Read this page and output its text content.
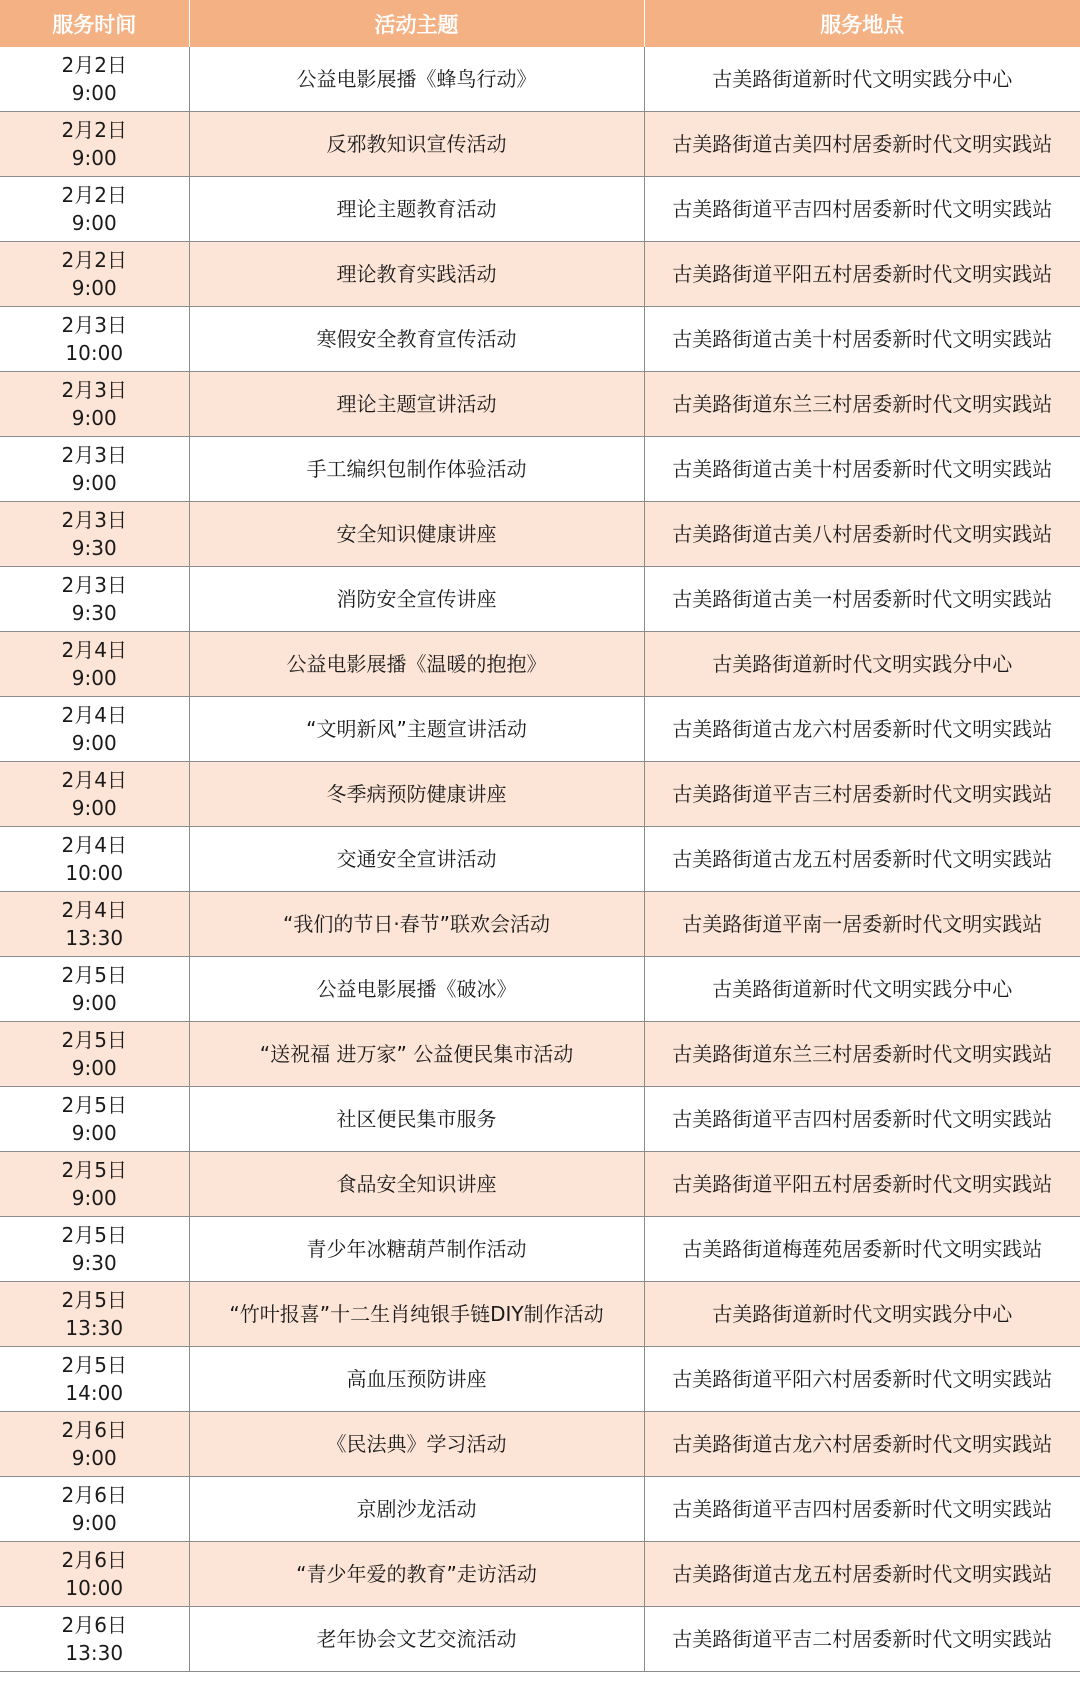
服务时间	活动主题	服务地点

2月2日
9:00	公益电影展播《蜂鸟行动》	古美路街道新时代文明实践分中心

2月2日
9:00	反邪教知识宣传活动	古美路街道古美四村居委新时代文明实践站

2月2日
9:00	理论主题教育活动	古美路街道平吉四村居委新时代文明实践站

2月2日
9:00	理论教育实践活动	古美路街道平阳五村居委新时代文明实践站

2月3日
10:00	寒假安全教育宣传活动	古美路街道古美十村居委新时代文明实践站

2月3日
9:00	理论主题宣讲活动	古美路街道东兰三村居委新时代文明实践站

2月3日
9:00	手工编织包制作体验活动	古美路街道古美十村居委新时代文明实践站

2月3日
9:30	安全知识健康讲座	古美路街道古美八村居委新时代文明实践站

2月3日
9:30	消防安全宣传讲座	古美路街道古美一村居委新时代文明实践站

2月4日
9:00	公益电影展播《温暖的抱抱》	古美路街道新时代文明实践分中心

2月4日
9:00	“文明新风”主题宣讲活动	古美路街道古龙六村居委新时代文明实践站

2月4日
9:00	冬季病预防健康讲座	古美路街道平吉三村居委新时代文明实践站

2月4日
10:00	交通安全宣讲活动	古美路街道古龙五村居委新时代文明实践站

2月4日
13:30	“我们的节日·春节”联欢会活动	古美路街道平南一居委新时代文明实践站

2月5日
9:00	公益电影展播《破冰》	古美路街道新时代文明实践分中心

2月5日
9:00	“送祝福 进万家” 公益便民集市活动	古美路街道东兰三村居委新时代文明实践站

2月5日
9:00	社区便民集市服务	古美路街道平吉四村居委新时代文明实践站

2月5日
9:00	食品安全知识讲座	古美路街道平阳五村居委新时代文明实践站

2月5日
9:30	青少年冰糖葫芦制作活动	古美路街道梅莲苑居委新时代文明实践站

2月5日
13:30	“竹叶报喜”十二生肖纯银手链DIY制作活动	古美路街道新时代文明实践分中心

2月5日
14:00	高血压预防讲座	古美路街道平阳六村居委新时代文明实践站

2月6日
9:00	《民法典》学习活动	古美路街道古龙六村居委新时代文明实践站

2月6日
9:00	京剧沙龙活动	古美路街道平吉四村居委新时代文明实践站

2月6日
10:00	“青少年爱的教育”走访活动	古美路街道古龙五村居委新时代文明实践站

2月6日
13:30	老年协会文艺交流活动	古美路街道平吉二村居委新时代文明实践站
